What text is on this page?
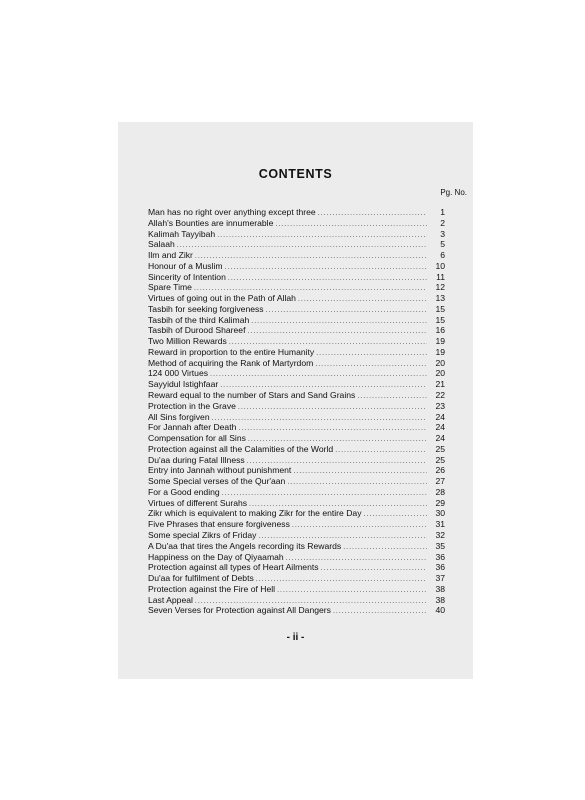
CONTENTS
Pg. No.
Man has no right over anything except three .....	1
Allah's Bounties are innumerable .....	2
Kalimah Tayyibah .....	3
Salaah .....	5
Ilm and Zikr .....	6
Honour of a Muslim .....	10
Sincerity of Intention .....	11
Spare Time .....	12
Virtues of going out in the Path of Allah .....	13
Tasbih for seeking forgiveness .....	15
Tasbih of the third Kalimah .....	15
Tasbih of Durood Shareef .....	16
Two Million Rewards .....	19
Reward in proportion to the entire Humanity .....	19
Method of acquiring the Rank of Martyrdom .....	20
124 000 Virtues .....	20
Sayyidul Istighfaar .....	21
Reward equal to the number of Stars and Sand Grains .....	22
Protection in the Grave .....	23
All Sins forgiven .....	24
For Jannah after Death .....	24
Compensation for all Sins .....	24
Protection against all the Calamities of the World .....	25
Du'aa during Fatal Illness .....	25
Entry into Jannah without punishment .....	26
Some Special verses of the Qur'aan .....	27
For a Good ending .....	28
Virtues of different Surahs .....	29
Zikr which is equivalent to making Zikr for the entire Day .....	30
Five Phrases that ensure forgiveness .....	31
Some special Zikrs of Friday .....	32
A Du'aa that tires the Angels recording its Rewards .....	35
Happiness on the Day of Qiyaamah .....	36
Protection against all types of Heart Ailments .....	36
Du'aa for fulfilment of Debts .....	37
Protection against the Fire of Hell .....	38
Last Appeal .....	38
Seven Verses for Protection against All Dangers .....	40
- ii -
